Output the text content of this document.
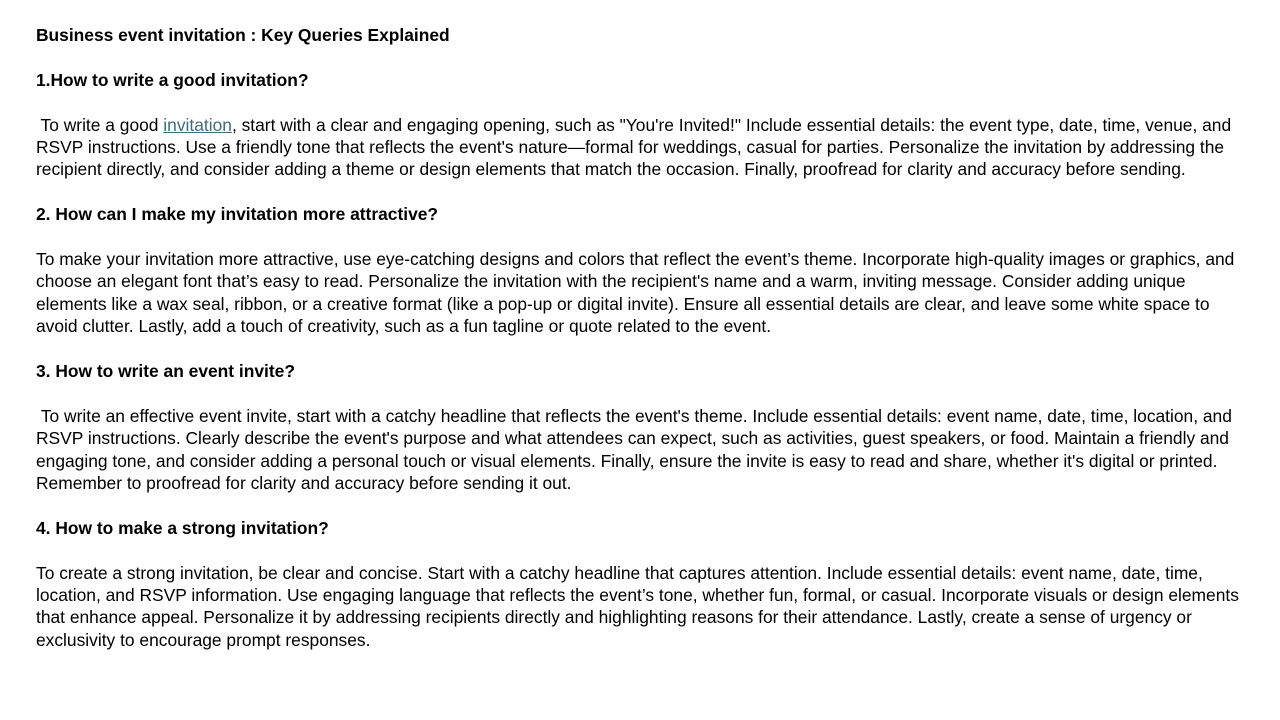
Business event invitation : Key Queries Explained

1.How to write a good invitation?

To write a good invitation, start with a clear and engaging opening, such as "You're Invited!" Include essential details: the event type, date, time, venue, and RSVP instructions. Use a friendly tone that reflects the event's nature—formal for weddings, casual for parties. Personalize the invitation by addressing the recipient directly, and consider adding a theme or design elements that match the occasion. Finally, proofread for clarity and accuracy before sending.

2. How can I make my invitation more attractive?

To make your invitation more attractive, use eye-catching designs and colors that reflect the event’s theme. Incorporate high-quality images or graphics, and choose an elegant font that’s easy to read. Personalize the invitation with the recipient's name and a warm, inviting message. Consider adding unique elements like a wax seal, ribbon, or a creative format (like a pop-up or digital invite). Ensure all essential details are clear, and leave some white space to avoid clutter. Lastly, add a touch of creativity, such as a fun tagline or quote related to the event.

3. How to write an event invite?

To write an effective event invite, start with a catchy headline that reflects the event's theme. Include essential details: event name, date, time, location, and RSVP instructions. Clearly describe the event's purpose and what attendees can expect, such as activities, guest speakers, or food. Maintain a friendly and engaging tone, and consider adding a personal touch or visual elements. Finally, ensure the invite is easy to read and share, whether it's digital or printed. Remember to proofread for clarity and accuracy before sending it out.

4. How to make a strong invitation?

To create a strong invitation, be clear and concise. Start with a catchy headline that captures attention. Include essential details: event name, date, time, location, and RSVP information. Use engaging language that reflects the event’s tone, whether fun, formal, or casual. Incorporate visuals or design elements that enhance appeal. Personalize it by addressing recipients directly and highlighting reasons for their attendance. Lastly, create a sense of urgency or exclusivity to encourage prompt responses.
